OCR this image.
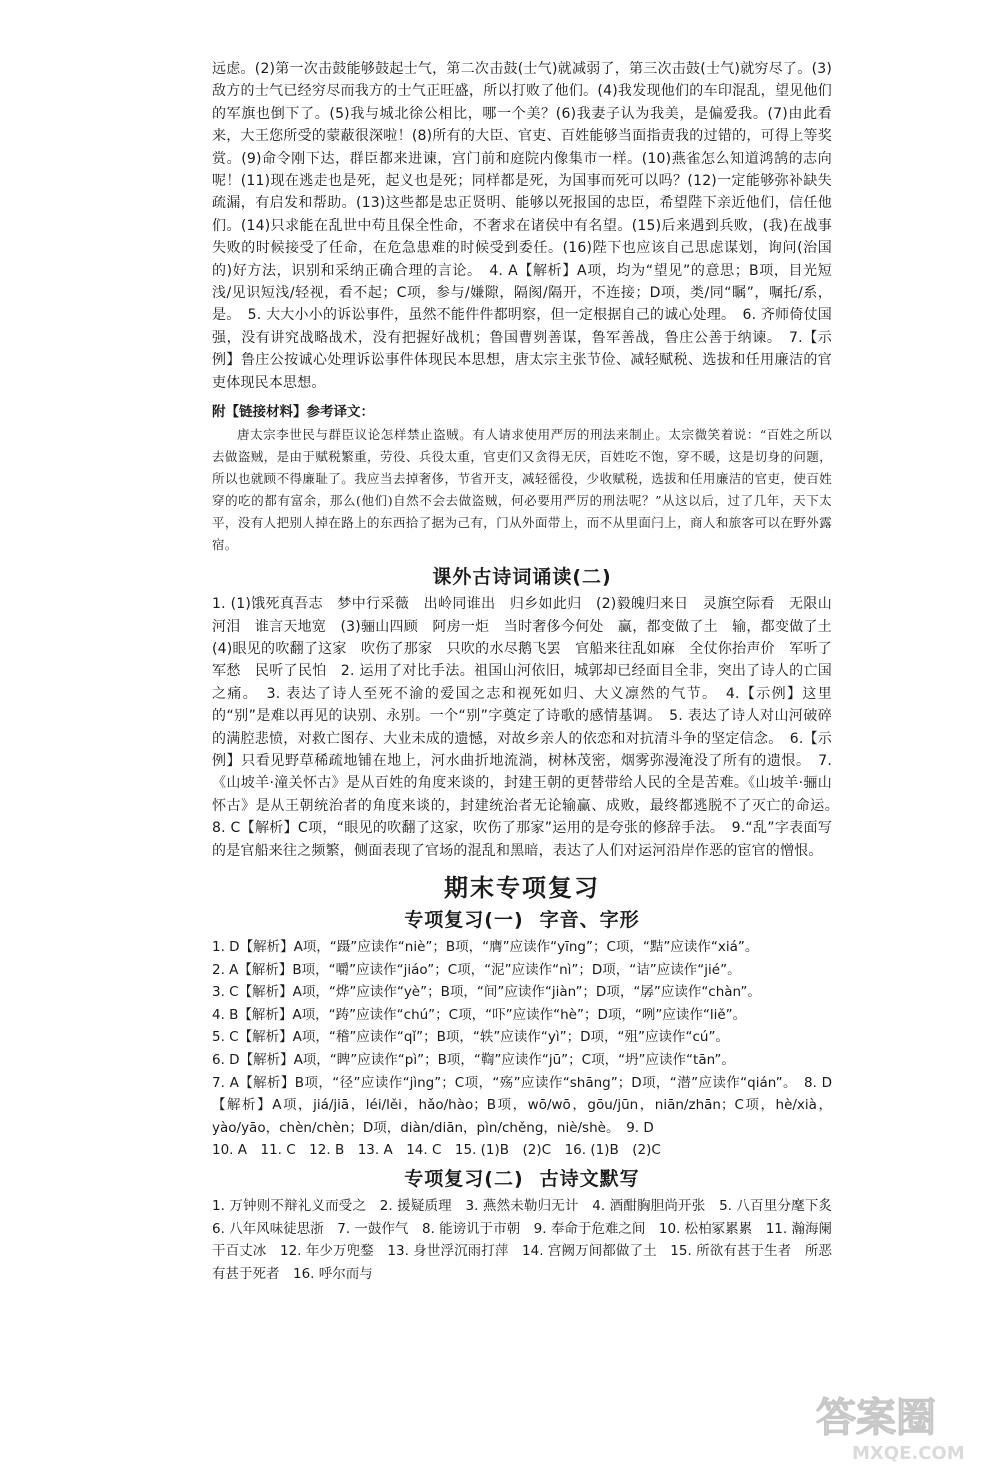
远虑。(2)第一次击鼓能够鼓起士气，第二次击鼓(士气)就减弱了，第三次击鼓(士气)就穷尽了。(3)敌方的士气已经穷尽而我方的士气正旺盛，所以打败了他们。(4)我发现他们的车印混乱，望见他们的军旗也倒下了。(5)我与城北徐公相比，哪一个美？(6)我妻子认为我美，是偏爱我。(7)由此看来，大王您所受的蒙蔽很深啦！(8)所有的大臣、官吏、百姓能够当面指责我的过错的，可得上等奖赏。(9)命令刚下达，群臣都来进谏，宫门前和庭院内像集市一样。(10)燕雀怎么知道鸿鹄的志向呢！(11)现在逃走也是死，起义也是死；同样都是死，为国事而死可以吗？(12)一定能够弥补缺失疏漏，有启发和帮助。(13)这些都是忠正贤明、能够以死报国的忠臣，希望陛下亲近他们，信任他们。(14)只求能在乱世中苟且保全性命，不奢求在诸侯中有名望。(15)后来遇到兵败，(我)在战事失败的时候接受了任命，在危急患难的时候受到委任。(16)陛下也应该自己思虑谋划，询问(治国的)好方法，识别和采纳正确合理的言论。　4. A【解析】A项，均为“望见”的意思；B项，目光短浅/见识短浅/轻视，看不起；C项，参与/嫌隙，隔阂/隔开，不连接；D项，类/同“瞩”，嘱托/系，是。　5. 大大小小的诉讼事件，虽然不能件件都明察，但一定根据自己的诚心处理。　6. 齐师倚仗国强，没有讲究战略战术，没有把握好战机；鲁国曹刿善谋，鲁军善战，鲁庄公善于纳谏。　7.【示例】鲁庄公按诚心处理诉讼事件体现民本思想，唐太宗主张节俭、减轻赋税、选拔和任用廉洁的官吏体现民本思想。

附【链接材料】参考译文：

唐太宗李世民与群臣议论怎样禁止盗贼。有人请求使用严厉的刑法来制止。太宗微笑着说：“百姓之所以去做盗贼，是由于赋税繁重，劳役、兵役太重，官吏们又贪得无厌，百姓吃不饱，穿不暖，这是切身的问题，所以也就顾不得廉耻了。我应当去掉奢侈，节省开支，减轻徭役，少收赋税，选拔和任用廉洁的官吏，使百姓穿的吃的都有富余，那么(他们)自然不会去做盗贼，何必要用严厉的刑法呢？”从这以后，过了几年，天下太平，没有人把别人掉在路上的东西拾了据为己有，门从外面带上，而不从里面闩上，商人和旅客可以在野外露宿。

课外古诗词诵读(二)

1. (1)饿死真吾志　梦中行采薇　出岭同谁出　归乡如此归　(2)毅魄归来日　灵旗空际看　无限山河泪　谁言天地宽　(3)骊山四顾　阿房一炬　当时奢侈今何处　赢，都变做了土　输，都变做了土　(4)眼见的吹翻了这家　吹伤了那家　只吹的水尽鹅飞罢　官船来往乱如麻　全仗你抬声价　军听了军愁　民听了民怕　2. 运用了对比手法。祖国山河依旧，城郭却已经面目全非，突出了诗人的亡国之痛。　3. 表达了诗人至死不渝的爱国之志和视死如归、大义凛然的气节。　4.【示例】这里的“别”是难以再见的诀别、永别。一个“别”字奠定了诗歌的感情基调。　5. 表达了诗人对山河破碎的满腔悲愤，对救亡图存、大业未成的遗憾，对故乡亲人的依恋和对抗清斗争的坚定信念。　6.【示例】只看见野草稀疏地铺在地上，河水曲折地流淌，树林茂密，烟雾弥漫淹没了所有的遗恨。　7.《山坡羊·潼关怀古》是从百姓的角度来谈的，封建王朝的更替带给人民的全是苦难。《山坡羊·骊山怀古》是从王朝统治者的角度来谈的，封建统治者无论输赢、成败，最终都逃脱不了灭亡的命运。　8. C【解析】C项，“眼见的吹翻了这家，吹伤了那家”运用的是夸张的修辞手法。　9.“乱”字表面写的是官船来往之频繁，侧面表现了官场的混乱和黑暗，表达了人们对运河沿岸作恶的宦官的憎恨。

期末专项复习
专项复习(一) 字音、字形

1. D【解析】A项，“蹑”应读作“niè”；B项，“膺”应读作“yīng”；C项，“黠”应读作“xiá”。

2. A【解析】B项，“嚼”应读作“jiáo”；C项，“泥”应读作“nì”；D项，“诘”应读作“jié”。

3. C【解析】A项，“烨”应读作“yè”；B项，“间”应读作“jiàn”；D项，“孱”应读作“chàn”。

4. B【解析】A项，“踌”应读作“chú”；C项，“吓”应读作“hè”；D项，“咧”应读作“liě”。

5. C【解析】A项，“稽”应读作“qǐ”；B项，“轶”应读作“yì”；D项，“殂”应读作“cú”。

6. D【解析】A项，“睥”应读作“pì”；B项，“鞫”应读作“jū”；C项，“坍”应读作“tān”。

7. A【解析】B项，“径”应读作“jìng”；C项，“殇”应读作“shāng”；D项，“潜”应读作“qián”。　8. D【解析】A项，jiá/jiā，léi/lěi，hǎo/hào；B项，wō/wō，gōu/jūn，niān/zhān；C项，hè/xià，yào/yāo，chèn/chèn；D项，diàn/diān，pìn/chěng，niè/shè。　9. D

10. A　11. C　12. B　13. A　14. C　15. (1)B　(2)C　16. (1)B　(2)C

专项复习(二) 古诗文默写

1. 万钟则不辩礼义而受之　2. 援疑质理　3. 燕然未勒归无计　4. 酒酣胸胆尚开张　5. 八百里分麾下炙　6. 八年风味徒思浙　7. 一鼓作气　8. 能谤讥于市朝　9. 奉命于危难之间　10. 松柏冢累累　11. 瀚海阑干百丈冰　12. 年少万兜鍪　13. 身世浮沉雨打萍　14. 宫阙万间都做了土　15. 所欲有甚于生者　所恶有甚于死者　16. 呼尔而与

答案圈
MXQE.COM
